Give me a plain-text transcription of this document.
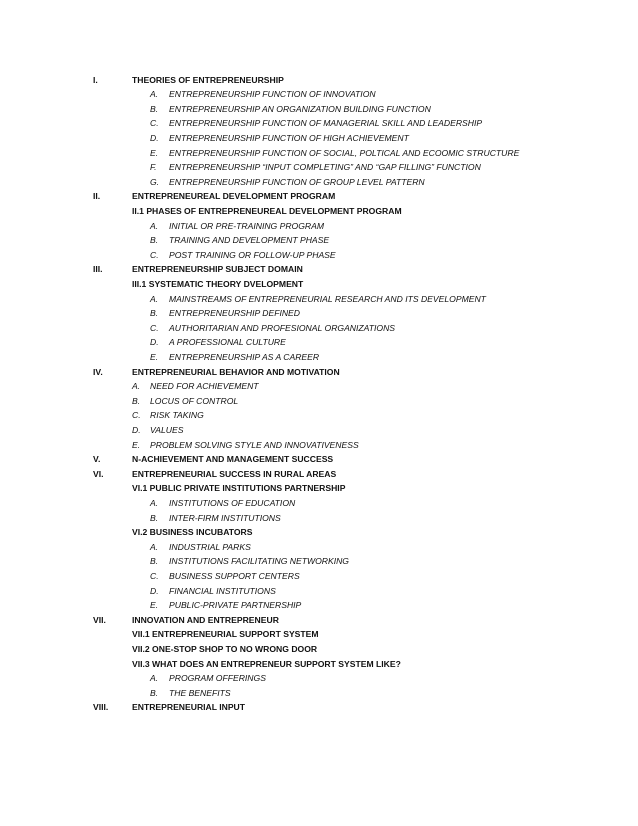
I.	THEORIES OF ENTREPRENEURSHIP
A. ENTREPRENEURSHIP FUNCTION OF INNOVATION
B. ENTREPRENEURSHIP AN ORGANIZATION BUILDING FUNCTION
C. ENTREPRENEURSHIP FUNCTION OF MANAGERIAL SKILL AND LEADERSHIP
D. ENTREPRENEURSHIP FUNCTION OF HIGH ACHIEVEMENT
E. ENTREPRENEURSHIP FUNCTION OF SOCIAL, POLTICAL AND ECOOMIC STRUCTURE
F. ENTREPRENEURSHIP “INPUT COMPLETING” AND “GAP FILLING” FUNCTION
G. ENTREPRENEURSHIP FUNCTION OF GROUP LEVEL PATTERN
II.	ENTREPRENEUREAL DEVELOPMENT PROGRAM
II.1 PHASES OF ENTREPRENEUREAL DEVELOPMENT PROGRAM
A. INITIAL OR PRE-TRAINING PROGRAM
B. TRAINING AND DEVELOPMENT PHASE
C. POST TRAINING OR FOLLOW-UP PHASE
III.	ENTREPRENEURSHIP SUBJECT DOMAIN
III.1 SYSTEMATIC THEORY DVELOPMENT
A. MAINSTREAMS OF ENTREPRENEURIAL RESEARCH AND ITS DEVELOPMENT
B. ENTREPRENEURSHIP DEFINED
C. AUTHORITARIAN AND PROFESIONAL ORGANIZATIONS
D. A PROFESSIONAL CULTURE
E. ENTREPRENEURSHIP AS A CAREER
IV.	ENTREPRENEURIAL BEHAVIOR AND MOTIVATION
A. NEED FOR ACHIEVEMENT
B. LOCUS OF CONTROL
C. RISK TAKING
D. VALUES
E. PROBLEM SOLVING STYLE AND INNOVATIVENESS
V.	N-ACHIEVEMENT AND MANAGEMENT SUCCESS
VI.	ENTREPRENEURIAL SUCCESS IN RURAL AREAS
VI.1 PUBLIC PRIVATE INSTITUTIONS PARTNERSHIP
A. INSTITUTIONS OF EDUCATION
B. INTER-FIRM INSTITUTIONS
VI.2 BUSINESS INCUBATORS
A. INDUSTRIAL PARKS
B. INSTITUTIONS FACILITATING NETWORKING
C. BUSINESS SUPPORT CENTERS
D. FINANCIAL INSTITUTIONS
E. PUBLIC-PRIVATE PARTNERSHIP
VII.	INNOVATION AND ENTREPRENEUR
VII.1 ENTREPRENEURIAL SUPPORT SYSTEM
VII.2 ONE-STOP SHOP TO NO WRONG DOOR
VII.3 WHAT DOES AN ENTREPRENEUR SUPPORT SYSTEM LIKE?
A. PROGRAM OFFERINGS
B. THE BENEFITS
VIII.	ENTREPRENEURIAL INPUT
